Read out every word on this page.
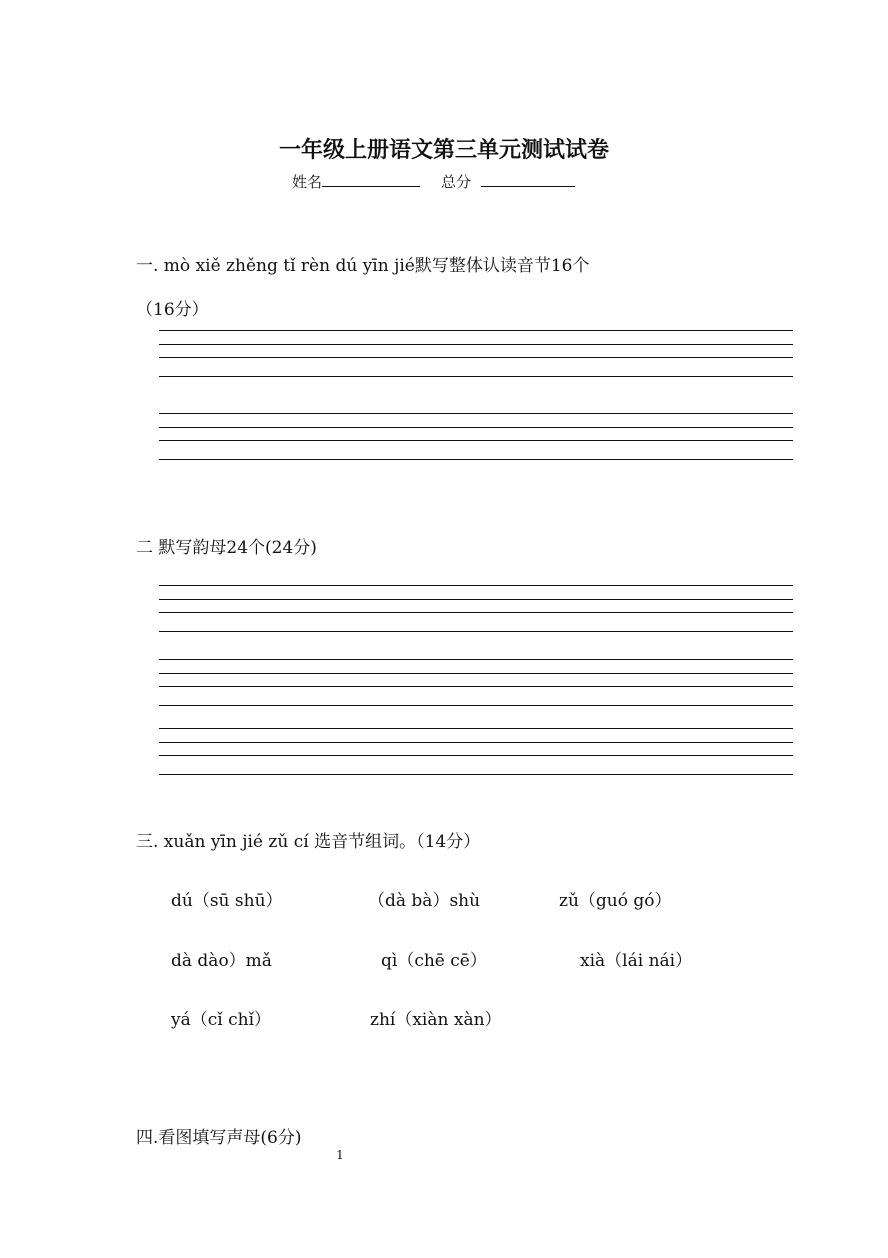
一年级上册语文第三单元测试试卷
姓名	总分
一. mò xiě zhěng tǐ rèn dú yīn jié默写整体认读音节16个
（16分）
二 默写韵母24个(24分)
三. xuǎn yīn jié zǔ cí 选音节组词。（14分）
dú（sū shū）	（dà bà）shù	zǔ（guó gó）
dà dào）mǎ	qì（chē cē）	xià（lái nái）
yá（cǐ chǐ）	zhí（xiàn xàn）
四.看图填写声母(6分)
1
